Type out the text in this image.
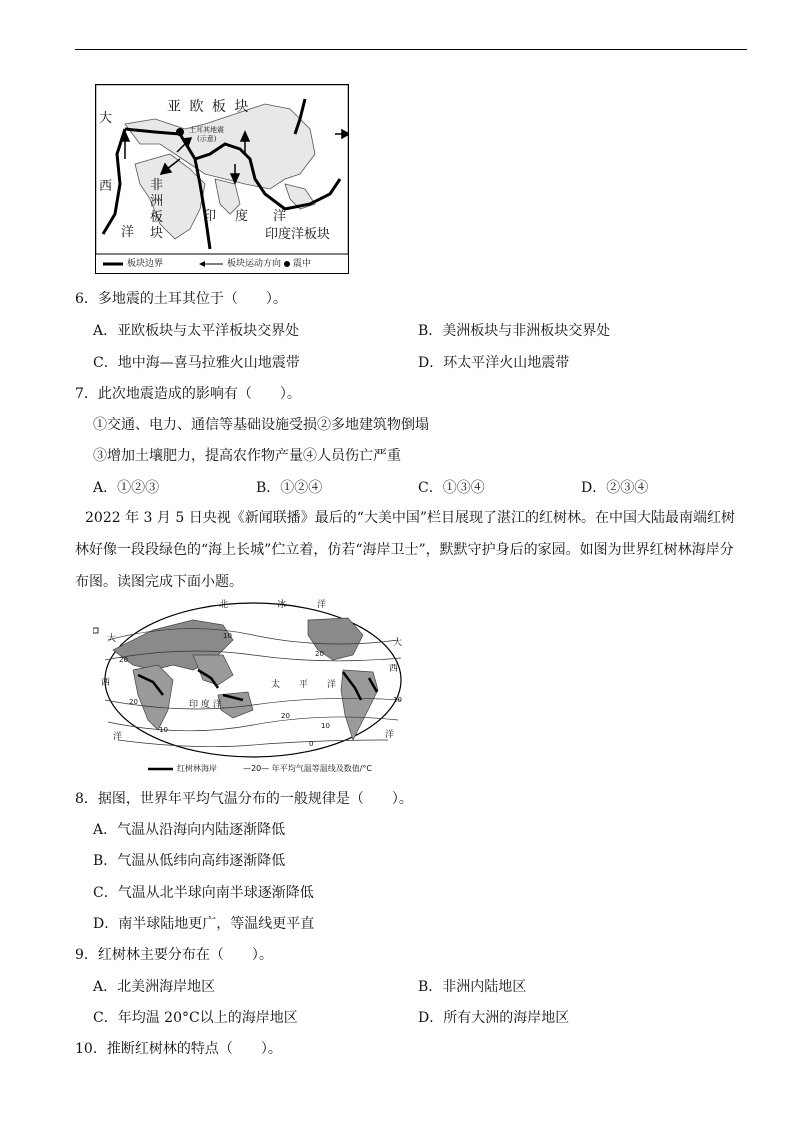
亚 欧 板 块
大
西
洋
非洲板块
印 度 洋
印度洋板块
土耳其地震
(示意)
板块边界	板块运动方向 震中
6．多地震的土耳其位于（　　）。
A．亚欧板块与太平洋板块交界处	B．美洲板块与非洲板块交界处
C．地中海—喜马拉雅火山地震带	D．环太平洋火山地震带
7．此次地震造成的影响有（　　）。
①交通、电力、通信等基础设施受损②多地建筑物倒塌
③增加土壤肥力，提高农作物产量④人员伤亡严重
A．①②③	B．①②④	C．①③④	D．②③④
2022 年 3 月 5 日央视《新闻联播》最后的“大美中国”栏目展现了湛江的红树林。在中国大陆最南端红树林好像一段段绿色的“海上长城”伫立着，仿若“海岸卫士”，默默守护身后的家园。如图为世界红树林海岸分布图。读图完成下面小题。
北	冰	洋
大
西
大
西
太 平 洋
印 度 洋
洋	洋
20
20
20
20
10	10
10
10
0
红树林海岸	—20— 年平均气温等温线及数值/°C
8．据图，世界年平均气温分布的一般规律是（　　）。
A．气温从沿海向内陆逐渐降低
B．气温从低纬向高纬逐渐降低
C．气温从北半球向南半球逐渐降低
D．南半球陆地更广，等温线更平直
9．红树林主要分布在（　　）。
A．北美洲海岸地区	B．非洲内陆地区
C．年均温 20°C以上的海岸地区	D．所有大洲的海岸地区
10．推断红树林的特点（　　）。
